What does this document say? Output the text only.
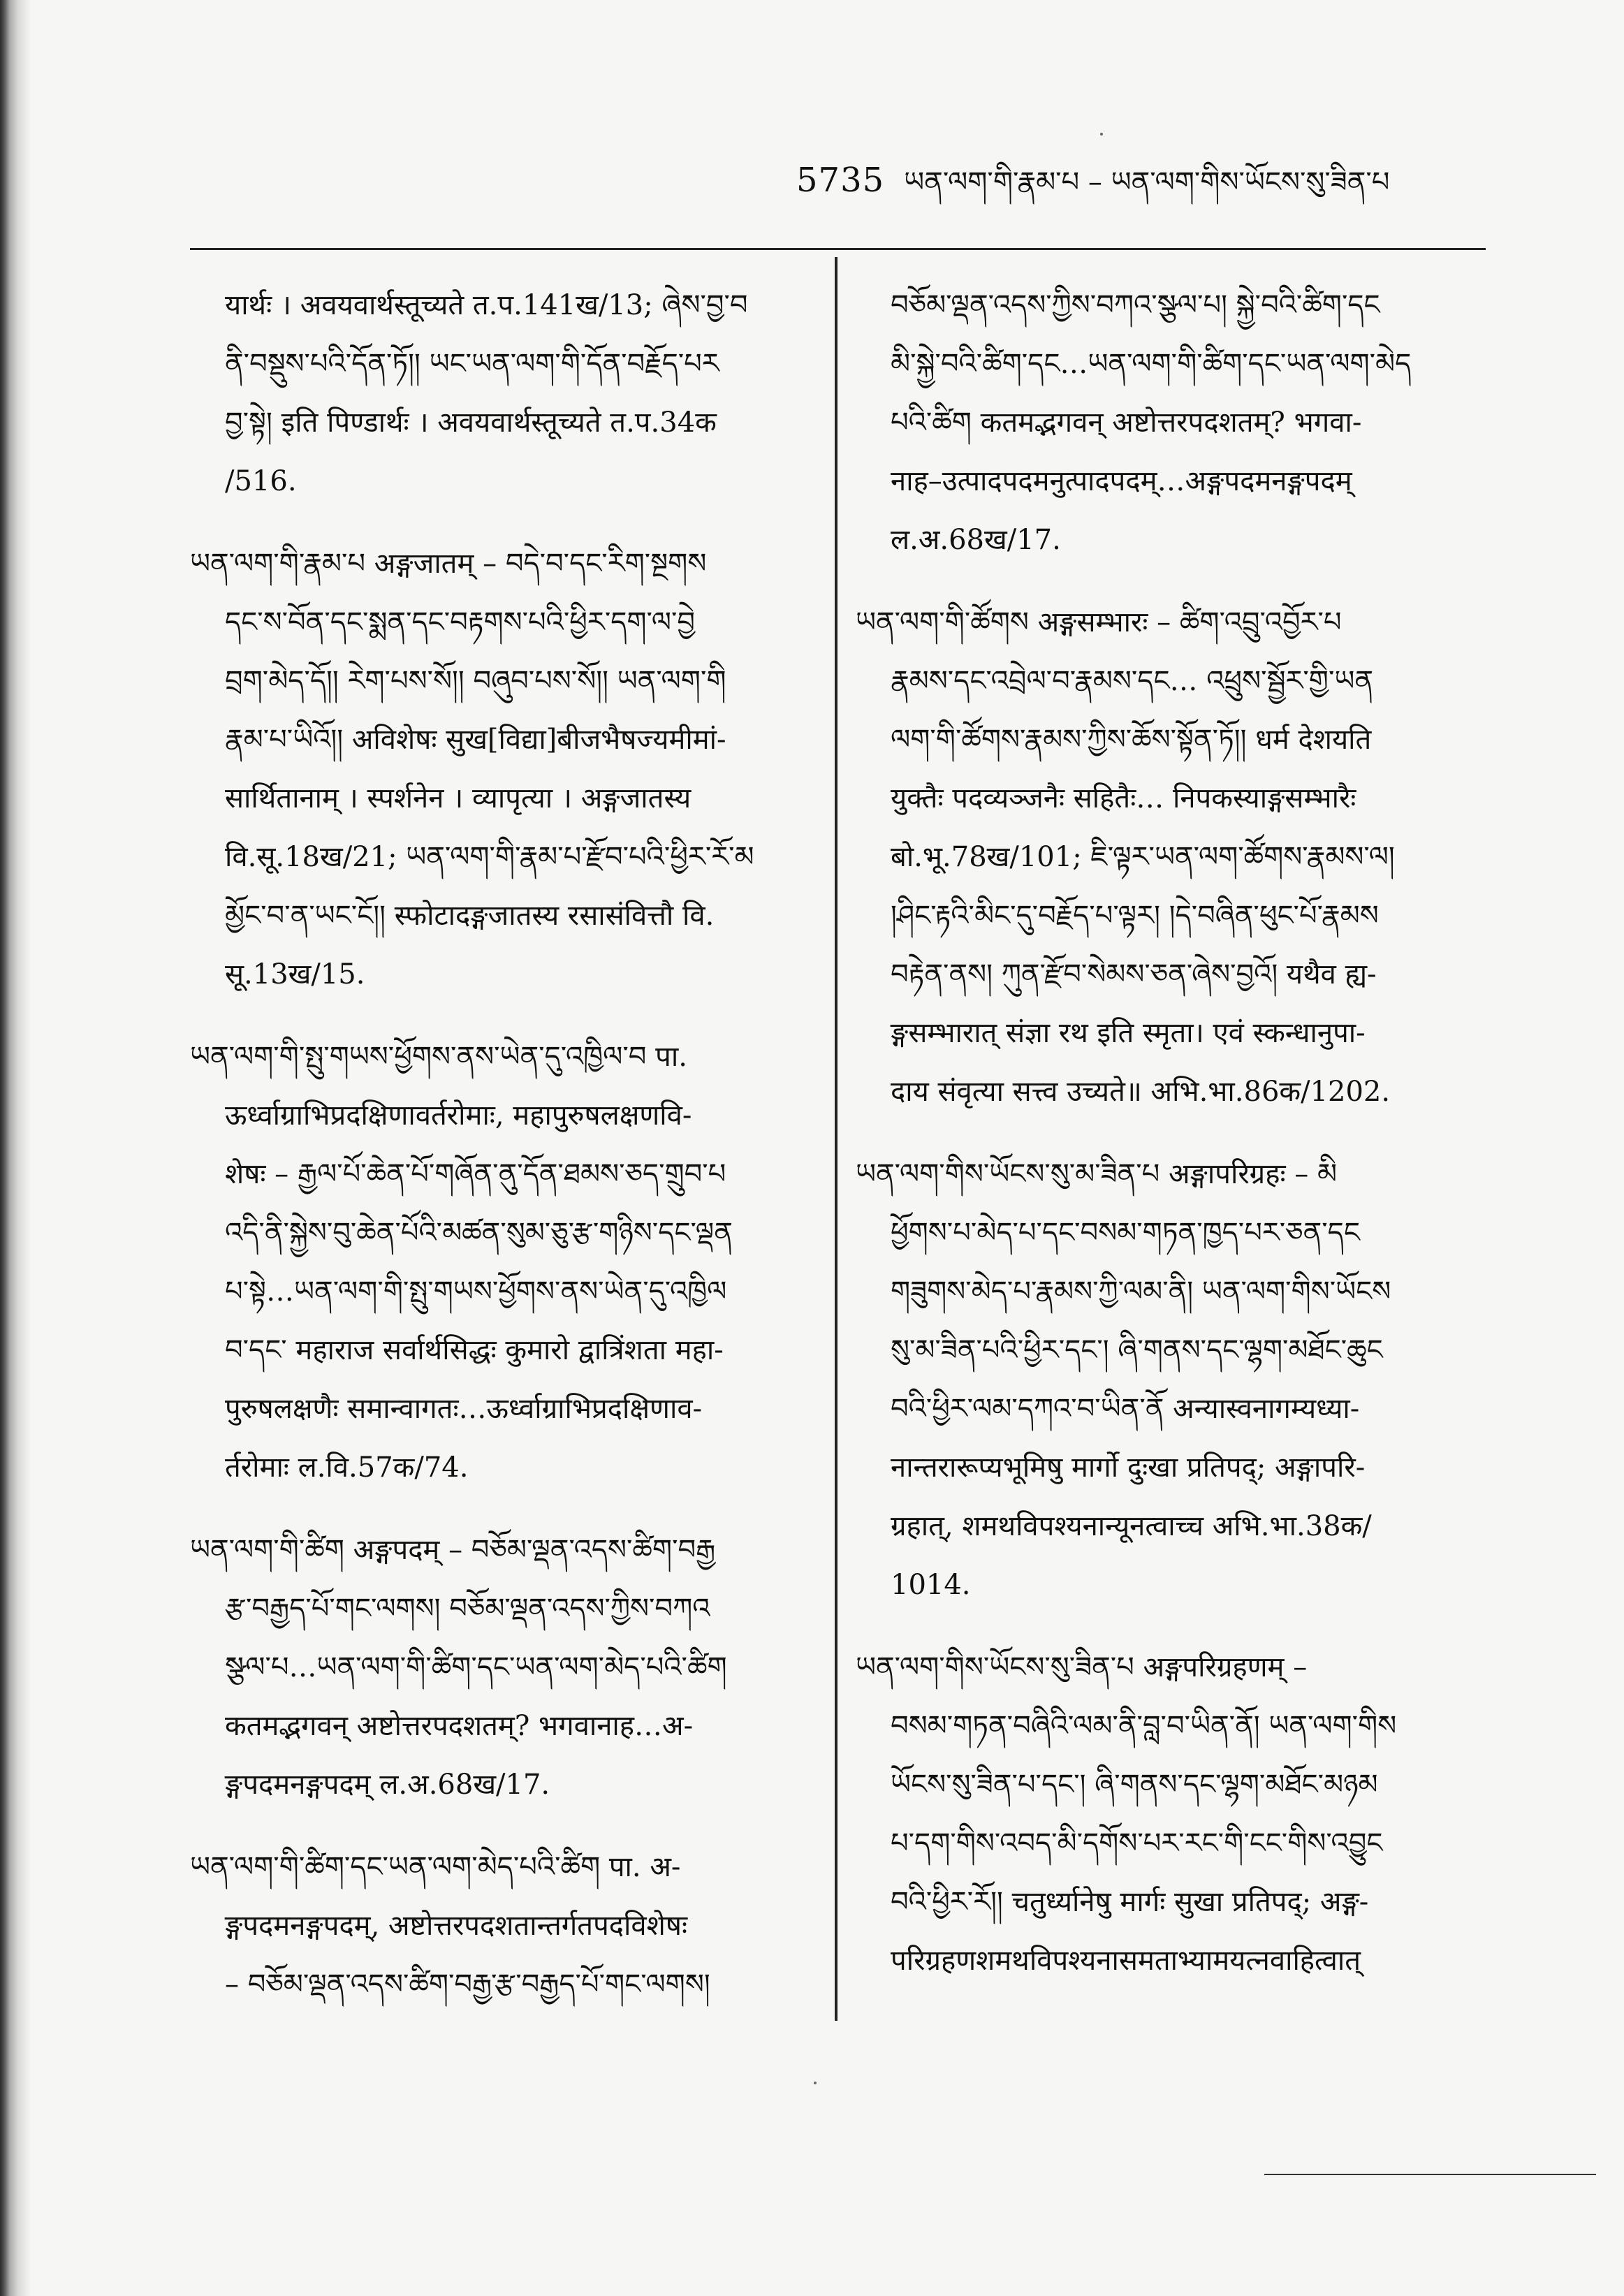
5735 ཡན་ལག་གི་རྣམ་པ – ཡན་ལག་གིས་ཡོངས་སུ་ཟིན་པ
यार्थः । अवयवार्थस्तूच्यते त.प.141ख/13; ཞེས་བྱ་བ
ནི་བསྡུས་པའི་དོན་ཏོ།། ཡང་ཡན་ལག་གི་དོན་བརྗོད་པར
བྱ་སྟེ། इति पिण्डार्थः । अवयवार्थस्तूच्यते त.प.34क
/516.
ཡན་ལག་གི་རྣམ་པ अङ्गजातम् – བདེ་བ་དང་རིག་སྔགས
དང་ས་བོན་དང་སྨན་དང་བརྟགས་པའི་ཕྱིར་དག་ལ་བྱེ
བྲག་མེད་དོ།། རེག་པས་སོ།། བཞུབ་པས་སོ།། ཡན་ལག་གི
རྣམ་པ་ཡིའོ།། अविशेषः सुख[विद्या]बीजभैषज्यमीमां-
सार्थितानाम् । स्पर्शनेन । व्यापृत्या । अङ्गजातस्य
वि.सू.18ख/21; ཡན་ལག་གི་རྣམ་པ་རྫོབ་པའི་ཕྱིར་རོ་མ
མྱོང་བ་ན་ཡང་ངོ།། स्फोटादङ्गजातस्य रसासंवित्तौ वि.
सू.13ख/15.
ཡན་ལག་གི་སྤུ་གཡས་ཕྱོགས་ནས་ཡེན་དུ་འཁྱིལ་བ पा.
ऊर्ध्वाग्राभिप्रदक्षिणावर्तरोमाः, महापुरुषलक्षणवि-
शेषः – རྒྱལ་པོ་ཆེན་པོ་གཞོན་ནུ་དོན་ཐམས་ཅད་གྲུབ་པ
འདི་ནི་སྐྱེས་བུ་ཆེན་པོའི་མཚན་སུམ་ཅུ་རྩ་གཉིས་དང་ལྡན
པ་སྟེ…ཡན་ལག་གི་སྤུ་གཡས་ཕྱོགས་ནས་ཡེན་དུ་འཁྱིལ
བ་དང་ महाराज सर्वार्थसिद्धः कुमारो द्वात्रिंशता महा-
पुरुषलक्षणैः समान्वागतः…ऊर्ध्वाग्राभिप्रदक्षिणाव-
र्तरोमाः ल.वि.57क/74.
ཡན་ལག་གི་ཚིག अङ्गपदम् – བཅོམ་ལྡན་འདས་ཚིག་བརྒྱ
རྩ་བརྒྱད་པོ་གང་ལགས། བཅོམ་ལྡན་འདས་ཀྱིས་བཀའ
སྩལ་པ…ཡན་ལག་གི་ཚིག་དང་ཡན་ལག་མེད་པའི་ཚིག
कतमद्भगवन् अष्टोत्तरपदशतम्? भगवानाह…अ-
ङ्गपदमनङ्गपदम् ल.अ.68ख/17.
ཡན་ལག་གི་ཚིག་དང་ཡན་ལག་མེད་པའི་ཚིག पा. अ-
ङ्गपदमनङ्गपदम्, अष्टोत्तरपदशतान्तर्गतपदविशेषः
– བཅོམ་ལྡན་འདས་ཚིག་བརྒྱ་རྩ་བརྒྱད་པོ་གང་ལགས།
བཅོམ་ལྡན་འདས་ཀྱིས་བཀའ་སྩལ་པ། སྐྱེ་བའི་ཚིག་དང
མི་སྐྱེ་བའི་ཚིག་དང…ཡན་ལག་གི་ཚིག་དང་ཡན་ལག་མེད
པའི་ཚིག कतमद्भगवन् अष्टोत्तरपदशतम्? भगवा-
नाह–उत्पादपदमनुत्पादपदम्…अङ्गपदमनङ्गपदम्
ल.अ.68ख/17.
ཡན་ལག་གི་ཚོགས अङ्गसम्भारः – ཚིག་འབྲུ་འབྱོར་པ
རྣམས་དང་འབྲེལ་བ་རྣམས་དང… འཕྲུས་སྦྱོར་གྱི་ཡན
ལག་གི་ཚོགས་རྣམས་ཀྱིས་ཆོས་སྟོན་ཏོ།། धर्म देशयति
युक्तैः पदव्यञ्जनैः सहितैः… निपकस्याङ्गसम्भारैः
बो.भू.78ख/101; ཇི་ལྟར་ཡན་ལག་ཚོགས་རྣམས་ལ།
།ཤིང་རྟའི་མིང་དུ་བརྗོད་པ་ལྟར། །དེ་བཞིན་ཕུང་པོ་རྣམས
བརྟེན་ནས། ཀུན་རྫོབ་སེམས་ཅན་ཞེས་བྱའོ། यथैव ह्य-
ङ्गसम्भारात् संज्ञा रथ इति स्मृता। एवं स्कन्धानुपा-
दाय संवृत्या सत्त्व उच्यते॥ अभि.भा.86क/1202.
ཡན་ལག་གིས་ཡོངས་སུ་མ་ཟིན་པ अङ्गापरिग्रहः – མི
ཕྱོགས་པ་མེད་པ་དང་བསམ་གཏན་ཁྱད་པར་ཅན་དང
གཟུགས་མེད་པ་རྣམས་ཀྱི་ལམ་ནི། ཡན་ལག་གིས་ཡོངས
སུ་མ་ཟིན་པའི་ཕྱིར་དང་། ཞི་གནས་དང་ལྷག་མཐོང་ཆུང
བའི་ཕྱིར་ལམ་དཀའ་བ་ཡིན་ནོ अन्यास्वनागम्यध्या-
नान्तरारूप्यभूमिषु मार्गो दुःखा प्रतिपद्; अङ्गापरि-
ग्रहात्, शमथविपश्यनान्यूनत्वाच्च अभि.भा.38क/
1014.
ཡན་ལག་གིས་ཡོངས་སུ་ཟིན་པ अङ्गपरिग्रहणम् –
བསམ་གཏན་བཞིའི་ལམ་ནི་བླ་བ་ཡིན་ནོ། ཡན་ལག་གིས
ཡོངས་སུ་ཟིན་པ་དང་། ཞི་གནས་དང་ལྷག་མཐོང་མཉམ
པ་དག་གིས་འབད་མི་དགོས་པར་རང་གི་ངང་གིས་འབྱུང
བའི་ཕྱིར་རོ།། चतुर्ध्यानेषु मार्गः सुखा प्रतिपद्; अङ्ग-
परिग्रहणशमथविपश्यनासमताभ्यामयत्नवाहित्वात्
